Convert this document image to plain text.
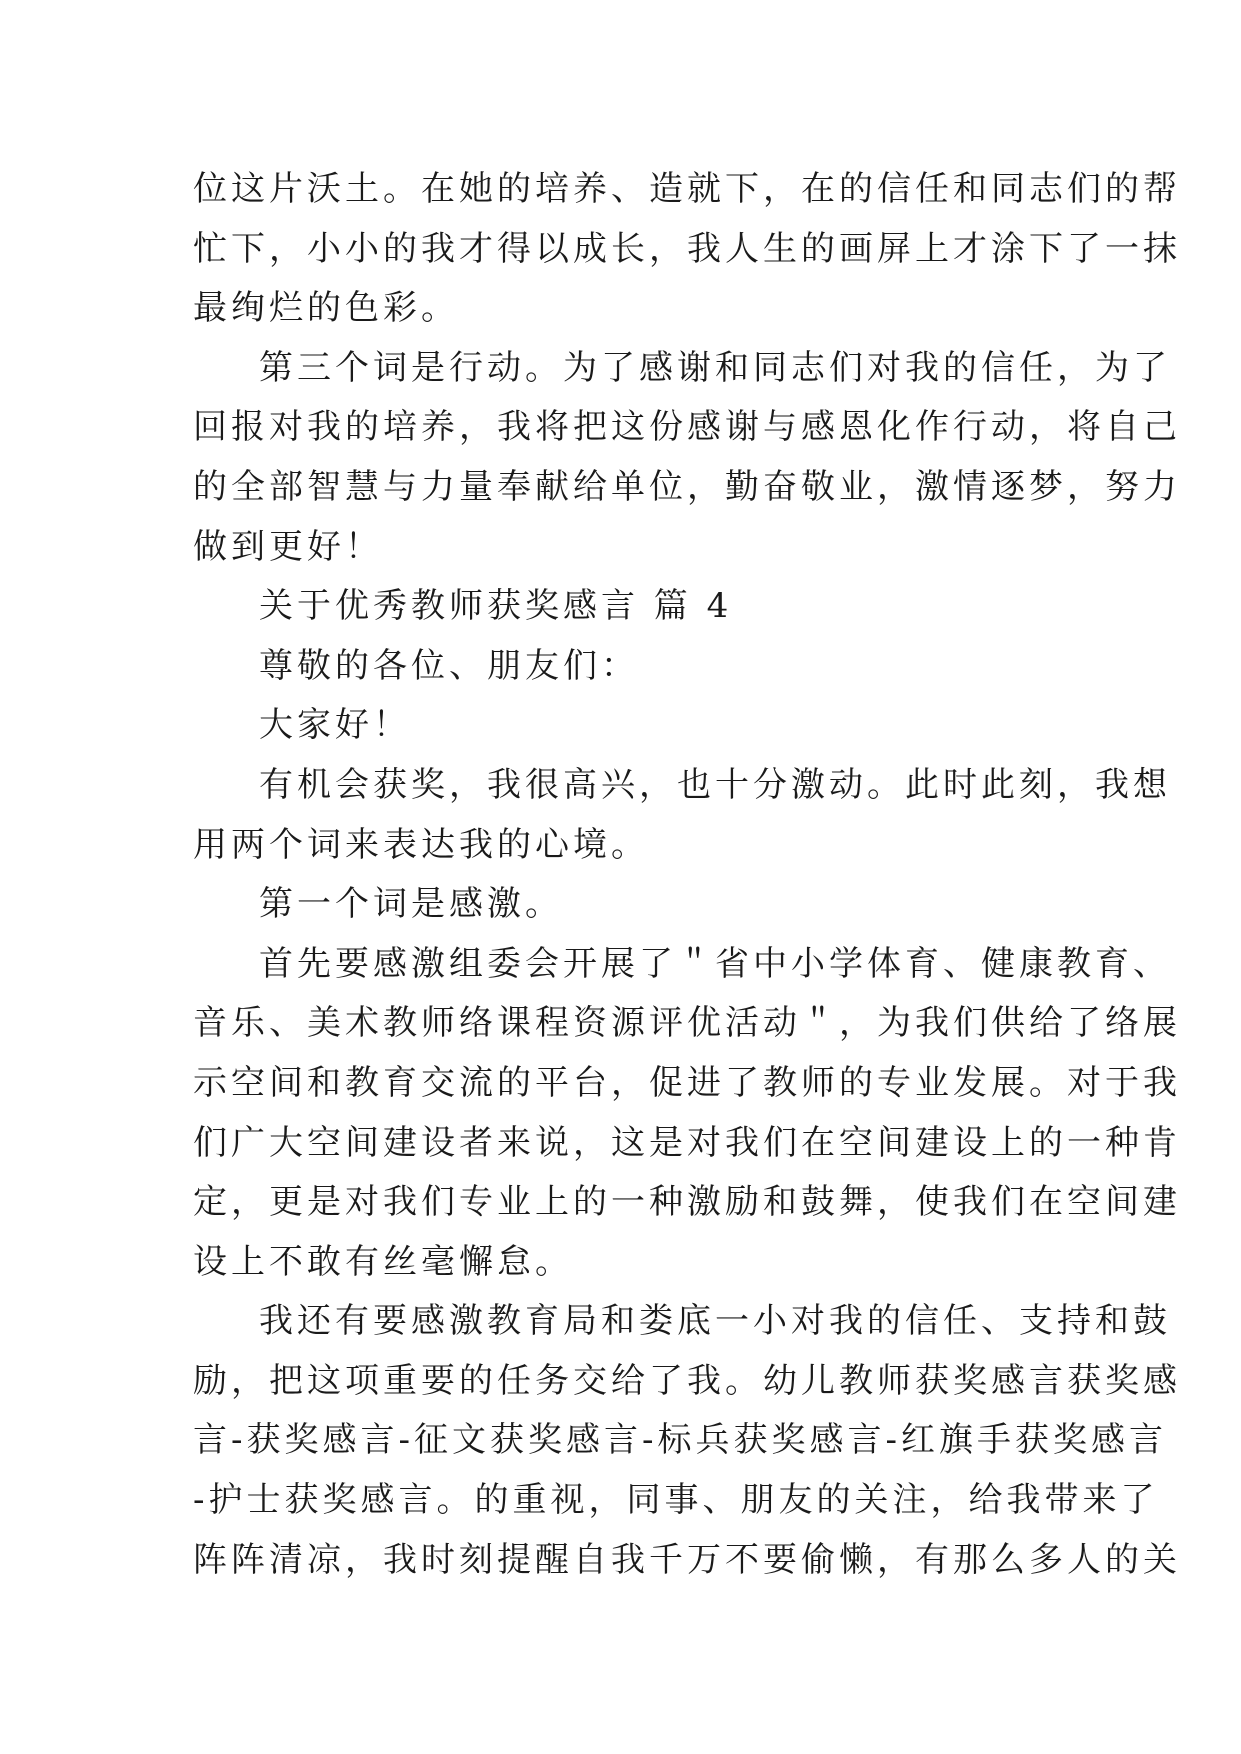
位这片沃土。在她的培养、造就下，在的信任和同志们的帮
忙下，小小的我才得以成长，我人生的画屏上才涂下了一抹
最绚烂的色彩。
第三个词是行动。为了感谢和同志们对我的信任，为了
回报对我的培养，我将把这份感谢与感恩化作行动，将自己
的全部智慧与力量奉献给单位，勤奋敬业，激情逐梦，努力
做到更好！
关于优秀教师获奖感言 篇 4
尊敬的各位、朋友们：
大家好！
有机会获奖，我很高兴，也十分激动。此时此刻，我想
用两个词来表达我的心境。
第一个词是感激。
首先要感激组委会开展了＂省中小学体育、健康教育、
音乐、美术教师络课程资源评优活动＂，为我们供给了络展
示空间和教育交流的平台，促进了教师的专业发展。对于我
们广大空间建设者来说，这是对我们在空间建设上的一种肯
定，更是对我们专业上的一种激励和鼓舞，使我们在空间建
设上不敢有丝毫懈怠。
我还有要感激教育局和娄底一小对我的信任、支持和鼓
励，把这项重要的任务交给了我。幼儿教师获奖感言获奖感
言-获奖感言-征文获奖感言-标兵获奖感言-红旗手获奖感言
-护士获奖感言。的重视，同事、朋友的关注，给我带来了
阵阵清凉，我时刻提醒自我千万不要偷懒，有那么多人的关
